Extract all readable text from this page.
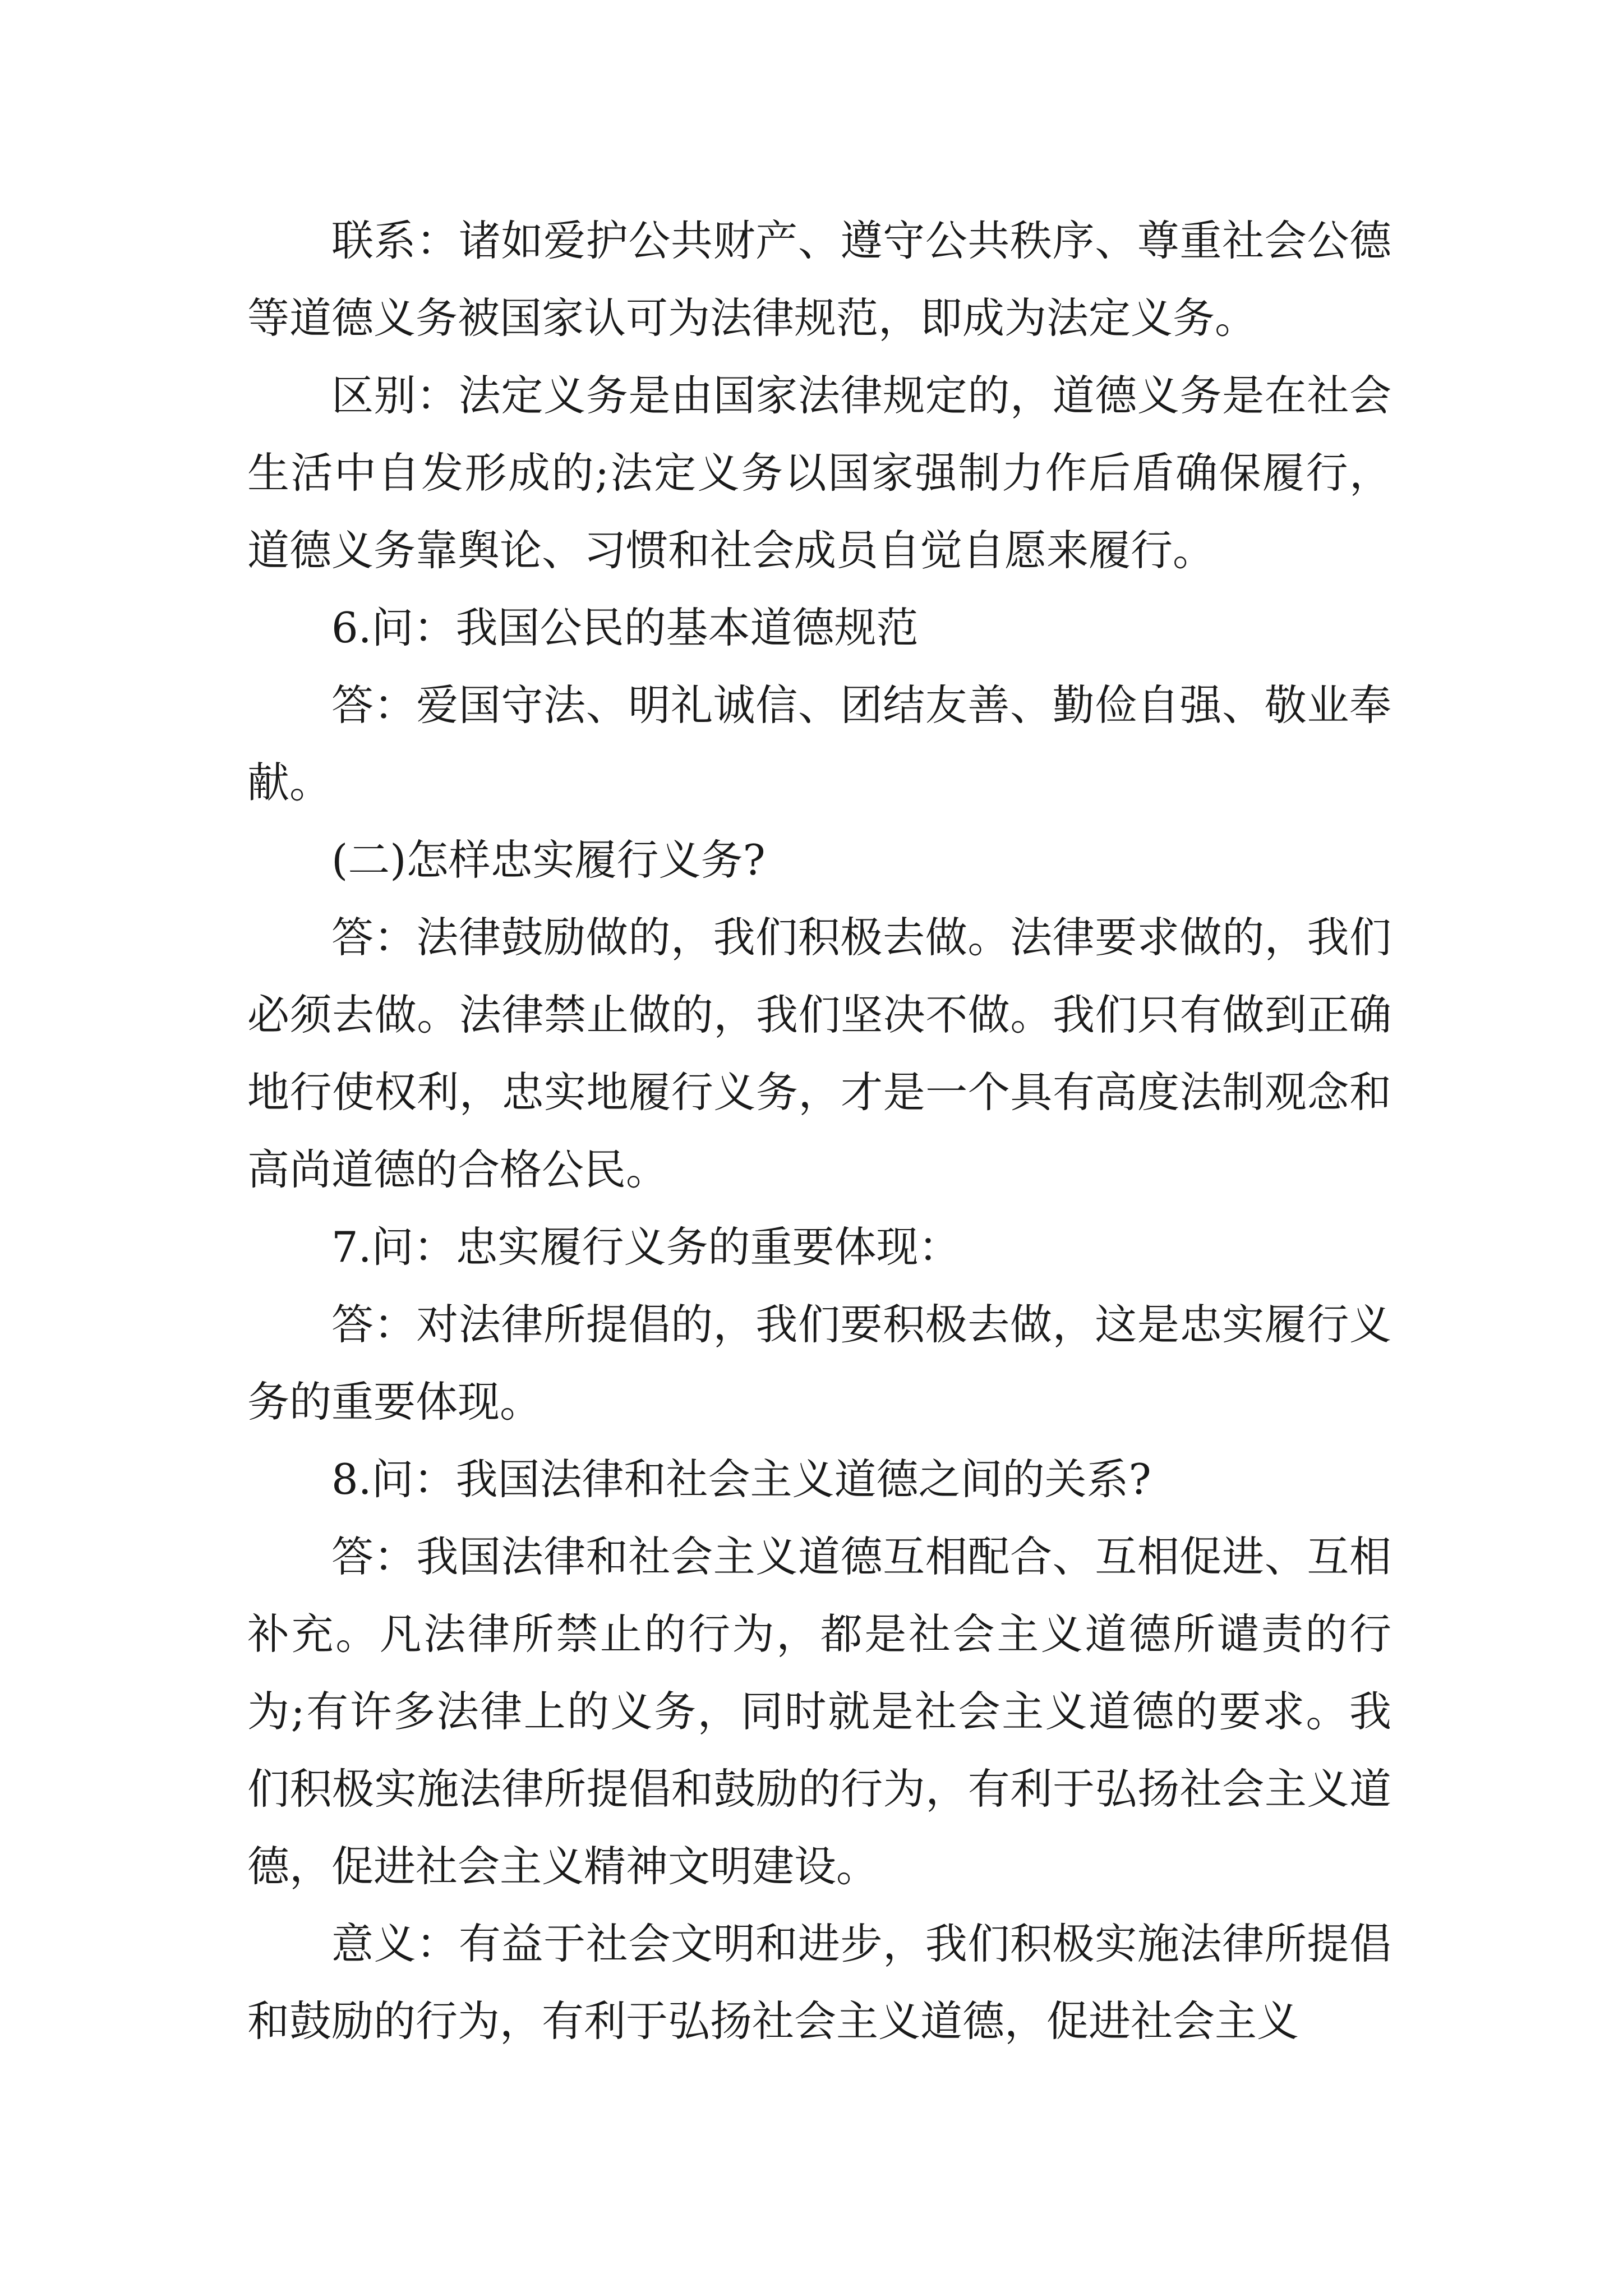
联系：诸如爱护公共财产、遵守公共秩序、尊重社会公德等道德义务被国家认可为法律规范，即成为法定义务。

区别：法定义务是由国家法律规定的，道德义务是在社会生活中自发形成的;法定义务以国家强制力作后盾确保履行，道德义务靠舆论、习惯和社会成员自觉自愿来履行。

6.问：我国公民的基本道德规范

答：爱国守法、明礼诚信、团结友善、勤俭自强、敬业奉献。

(二)怎样忠实履行义务?

答：法律鼓励做的，我们积极去做。法律要求做的，我们必须去做。法律禁止做的，我们坚决不做。我们只有做到正确地行使权利，忠实地履行义务，才是一个具有高度法制观念和高尚道德的合格公民。

7.问：忠实履行义务的重要体现：

答：对法律所提倡的，我们要积极去做，这是忠实履行义务的重要体现。

8.问：我国法律和社会主义道德之间的关系?

答：我国法律和社会主义道德互相配合、互相促进、互相补充。凡法律所禁止的行为，都是社会主义道德所谴责的行为;有许多法律上的义务，同时就是社会主义道德的要求。我们积极实施法律所提倡和鼓励的行为，有利于弘扬社会主义道德，促进社会主义精神文明建设。

意义：有益于社会文明和进步，我们积极实施法律所提倡和鼓励的行为，有利于弘扬社会主义道德，促进社会主义
